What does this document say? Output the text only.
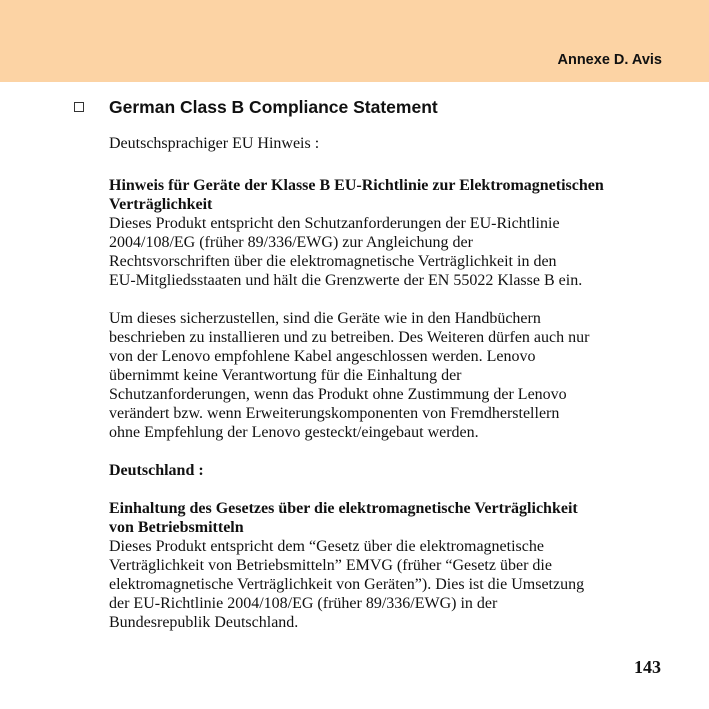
Annexe D. Avis
German Class B Compliance Statement

Deutschsprachiger EU Hinweis :

Hinweis für Geräte der Klasse B EU-Richtlinie zur Elektromagnetischen
Verträglichkeit

Dieses Produkt entspricht den Schutzanforderungen der EU-Richtlinie
2004/108/EG (früher 89/336/EWG) zur Angleichung der
Rechtsvorschriften über die elektromagnetische Verträglichkeit in den
EU-Mitgliedsstaaten und hält die Grenzwerte der EN 55022 Klasse B ein.

Um dieses sicherzustellen, sind die Geräte wie in den Handbüchern
beschrieben zu installieren und zu betreiben. Des Weiteren dürfen auch nur
von der Lenovo empfohlene Kabel angeschlossen werden. Lenovo
übernimmt keine Verantwortung für die Einhaltung der
Schutzanforderungen, wenn das Produkt ohne Zustimmung der Lenovo
verändert bzw. wenn Erweiterungskomponenten von Fremdherstellern
ohne Empfehlung der Lenovo gesteckt/eingebaut werden.

Deutschland :

Einhaltung des Gesetzes über die elektromagnetische Verträglichkeit
von Betriebsmitteln

Dieses Produkt entspricht dem “Gesetz über die elektromagnetische
Verträglichkeit von Betriebsmitteln” EMVG (früher “Gesetz über die
elektromagnetische Verträglichkeit von Geräten”). Dies ist die Umsetzung
der EU-Richtlinie 2004/108/EG (früher 89/336/EWG) in der
Bundesrepublik Deutschland.

143
